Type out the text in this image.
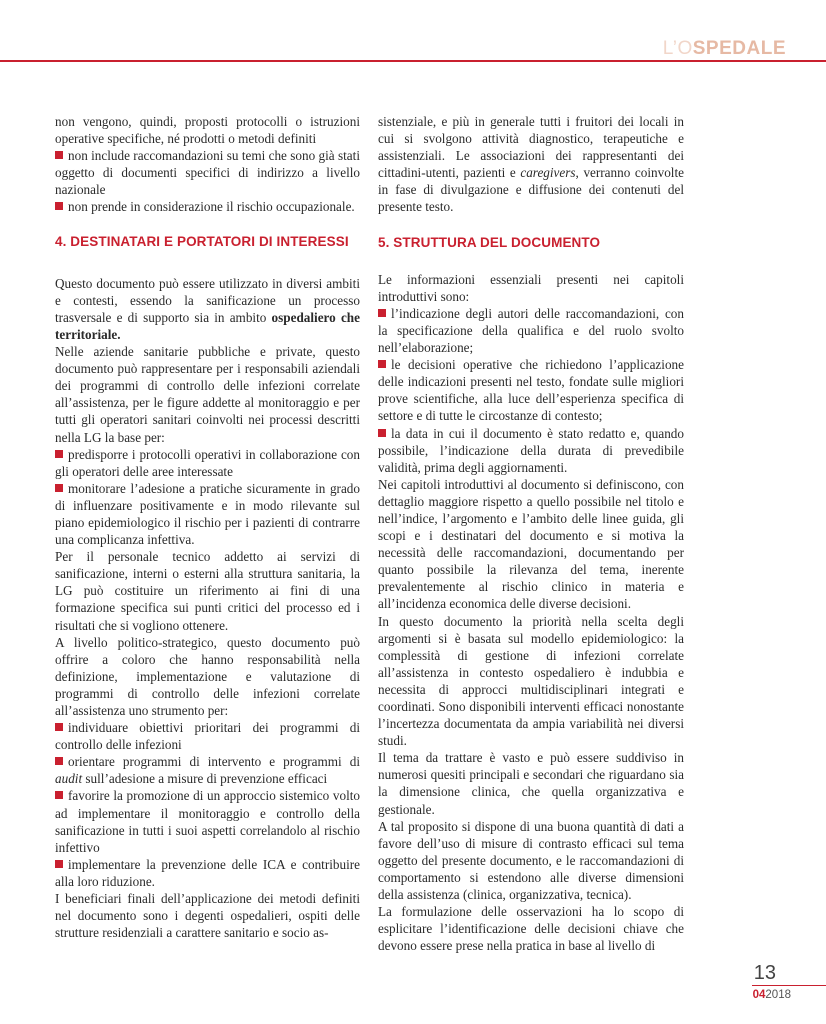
L’OSPEDALE

non vengono, quindi, proposti protocolli o istruzioni operative specifiche, né prodotti o metodi definiti

non include raccomandazioni su temi che sono già stati oggetto di documenti specifici di indirizzo a livello nazionale

non prende in considerazione il rischio occupazionale.

4. DESTINATARI E PORTATORI DI INTERESSI

Questo documento può essere utilizzato in diversi ambiti e contesti, essendo la sanificazione un processo trasversale e di supporto sia in ambito ospedaliero che territoriale.

Nelle aziende sanitarie pubbliche e private, questo documento può rappresentare per i responsabili aziendali dei programmi di controllo delle infezioni correlate all’assistenza, per le figure addette al monitoraggio e per tutti gli operatori sanitari coinvolti nei processi descritti nella LG la base per:

predisporre i protocolli operativi in collaborazione con gli operatori delle aree interessate

monitorare l’adesione a pratiche sicuramente in grado di influenzare positivamente e in modo rilevante sul piano epidemiologico il rischio per i pazienti di contrarre una complicanza infettiva.

Per il personale tecnico addetto ai servizi di sanificazione, interni o esterni alla struttura sanitaria, la LG può costituire un riferimento ai fini di una formazione specifica sui punti critici del processo ed i risultati che si vogliono ottenere.

A livello politico-strategico, questo documento può offrire a coloro che hanno responsabilità nella definizione, implementazione e valutazione di programmi di controllo delle infezioni correlate all’assistenza uno strumento per:

individuare obiettivi prioritari dei programmi di controllo delle infezioni

orientare programmi di intervento e programmi di audit sull’adesione a misure di prevenzione efficaci

favorire la promozione di un approccio sistemico volto ad implementare il monitoraggio e controllo della sanificazione in tutti i suoi aspetti correlandolo al rischio infettivo

implementare la prevenzione delle ICA e contribuire alla loro riduzione.

I beneficiari finali dell’applicazione dei metodi definiti nel documento sono i degenti ospedalieri, ospiti delle strutture residenziali a carattere sanitario e socio as-

sistenziale, e più in generale tutti i fruitori dei locali in cui si svolgono attività diagnostico, terapeutiche e assistenziali. Le associazioni dei rappresentanti dei cittadini-utenti, pazienti e caregivers, verranno coinvolte in fase di divulgazione e diffusione dei contenuti del presente testo.

5. STRUTTURA DEL DOCUMENTO

Le informazioni essenziali presenti nei capitoli introduttivi sono:

l’indicazione degli autori delle raccomandazioni, con la specificazione della qualifica e del ruolo svolto nell’elaborazione;

le decisioni operative che richiedono l’applicazione delle indicazioni presenti nel testo, fondate sulle migliori prove scientifiche, alla luce dell’esperienza specifica di settore e di tutte le circostanze di contesto;

la data in cui il documento è stato redatto e, quando possibile, l’indicazione della durata di prevedibile validità, prima degli aggiornamenti.

Nei capitoli introduttivi al documento si definiscono, con dettaglio maggiore rispetto a quello possibile nel titolo e nell’indice, l’argomento e l’ambito delle linee guida, gli scopi e i destinatari del documento e si motiva la necessità delle raccomandazioni, documentando per quanto possibile la rilevanza del tema, inerente prevalentemente al rischio clinico in materia e all’incidenza economica delle diverse decisioni.

In questo documento la priorità nella scelta degli argomenti si è basata sul modello epidemiologico: la complessità di gestione di infezioni correlate all’assistenza in contesto ospedaliero è indubbia e necessita di approcci multidisciplinari integrati e coordinati. Sono disponibili interventi efficaci nonostante l’incertezza documentata da ampia variabilità nei diversi studi.

Il tema da trattare è vasto e può essere suddiviso in numerosi quesiti principali e secondari che riguardano sia la dimensione clinica, che quella organizzativa e gestionale.

A tal proposito si dispone di una buona quantità di dati a favore dell’uso di misure di contrasto efficaci sul tema oggetto del presente documento, e le raccomandazioni di comportamento si estendono alle diverse dimensioni della assistenza (clinica, organizzativa, tecnica).

La formulazione delle osservazioni ha lo scopo di esplicitare l’identificazione delle decisioni chiave che devono essere prese nella pratica in base al livello di

13
042018
